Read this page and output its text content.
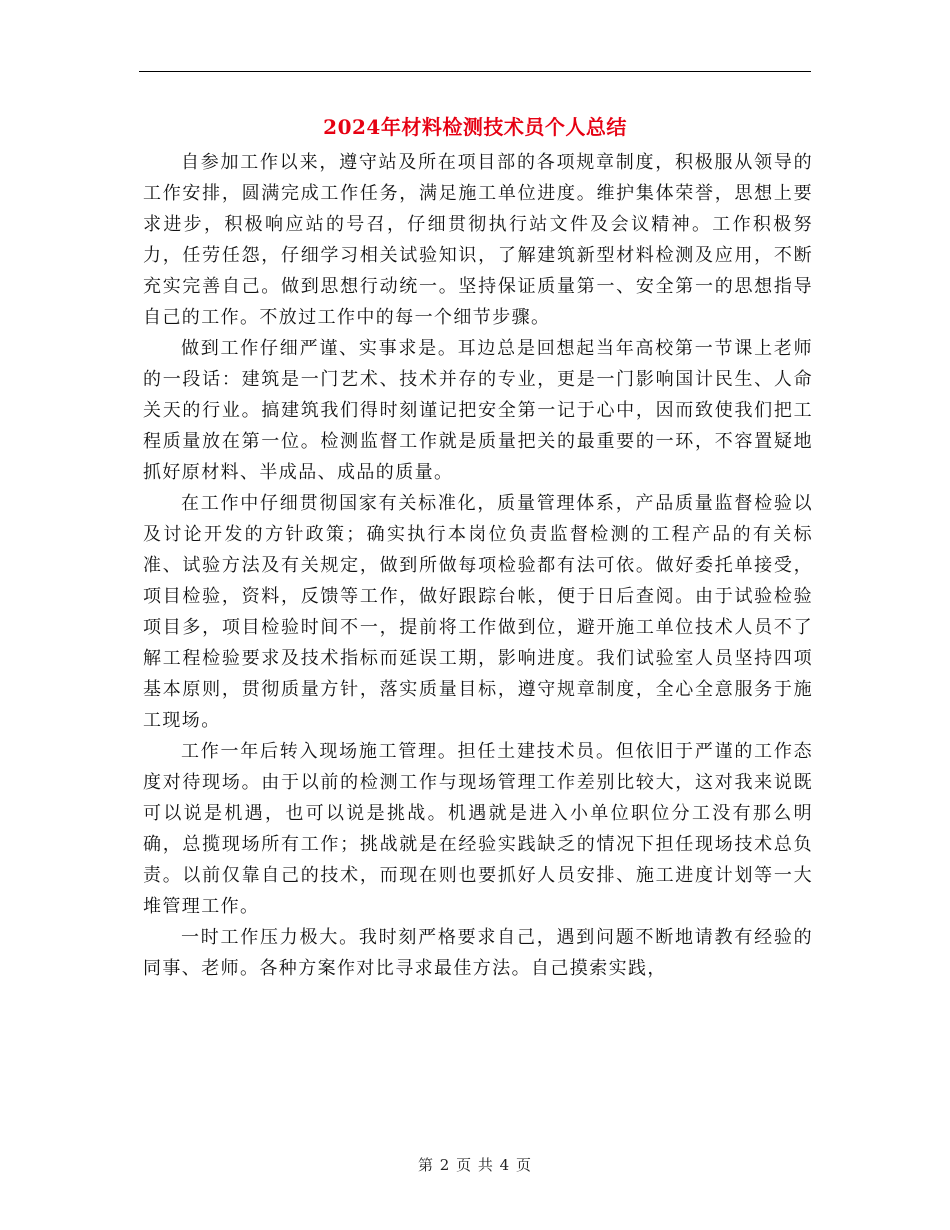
2024年材料检测技术员个人总结

自参加工作以来，遵守站及所在项目部的各项规章制度，积极服从领导的工作安排，圆满完成工作任务，满足施工单位进度。维护集体荣誉，思想上要求进步，积极响应站的号召，仔细贯彻执行站文件及会议精神。工作积极努力，任劳任怨，仔细学习相关试验知识，了解建筑新型材料检测及应用，不断充实完善自己。做到思想行动统一。坚持保证质量第一、安全第一的思想指导自己的工作。不放过工作中的每一个细节步骤。

做到工作仔细严谨、实事求是。耳边总是回想起当年高校第一节课上老师的一段话：建筑是一门艺术、技术并存的专业，更是一门影响国计民生、人命关天的行业。搞建筑我们得时刻谨记把安全第一记于心中，因而致使我们把工程质量放在第一位。检测监督工作就是质量把关的最重要的一环，不容置疑地抓好原材料、半成品、成品的质量。

在工作中仔细贯彻国家有关标准化，质量管理体系，产品质量监督检验以及讨论开发的方针政策；确实执行本岗位负责监督检测的工程产品的有关标准、试验方法及有关规定，做到所做每项检验都有法可依。做好委托单接受，项目检验，资料，反馈等工作，做好跟踪台帐，便于日后查阅。由于试验检验项目多，项目检验时间不一，提前将工作做到位，避开施工单位技术人员不了解工程检验要求及技术指标而延误工期，影响进度。我们试验室人员坚持四项基本原则，贯彻质量方针，落实质量目标，遵守规章制度，全心全意服务于施工现场。

工作一年后转入现场施工管理。担任土建技术员。但依旧于严谨的工作态度对待现场。由于以前的检测工作与现场管理工作差别比较大，这对我来说既可以说是机遇，也可以说是挑战。机遇就是进入小单位职位分工没有那么明确，总揽现场所有工作；挑战就是在经验实践缺乏的情况下担任现场技术总负责。以前仅靠自己的技术，而现在则也要抓好人员安排、施工进度计划等一大堆管理工作。

一时工作压力极大。我时刻严格要求自己，遇到问题不断地请教有经验的同事、老师。各种方案作对比寻求最佳方法。自己摸索实践，

第 2 页 共 4 页
